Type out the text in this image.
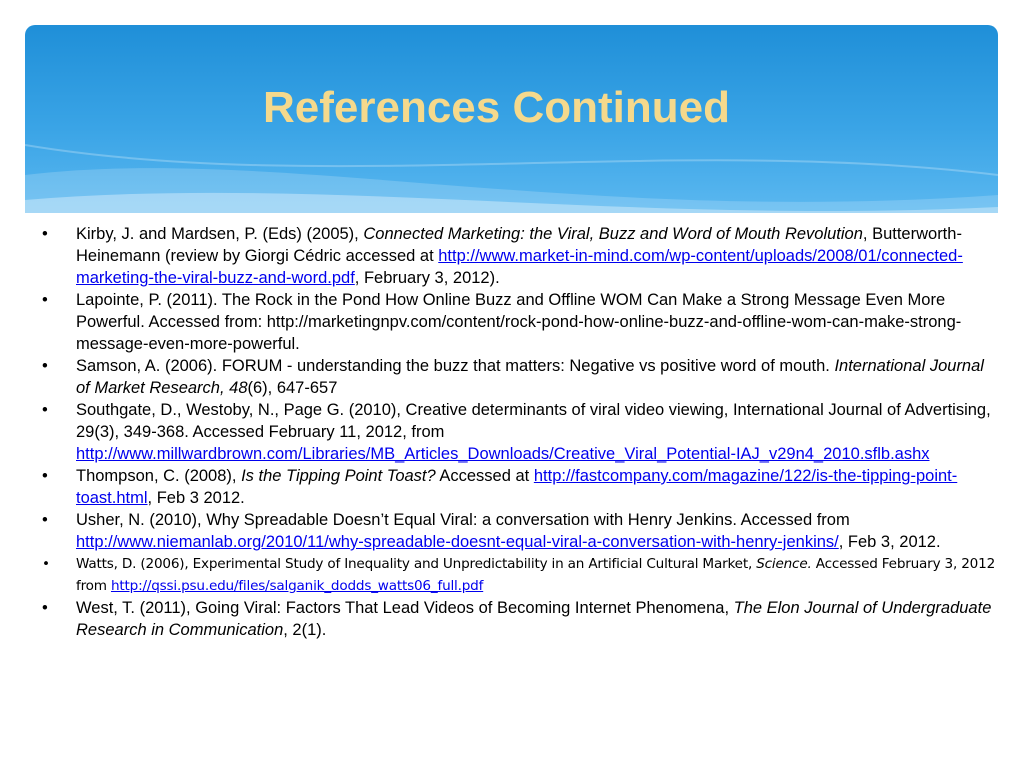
References Continued
• Kirby, J. and Mardsen, P. (Eds) (2005), Connected Marketing: the Viral, Buzz and Word of Mouth Revolution, Butterworth-Heinemann (review by Giorgi Cédric accessed at http://www.market-in-mind.com/wp-content/uploads/2008/01/connected-marketing-the-viral-buzz-and-word.pdf, February 3, 2012).
• Lapointe, P. (2011). The Rock in the Pond How Online Buzz and Offline WOM Can Make a Strong Message Even More Powerful. Accessed from: http://marketingnpv.com/content/rock-pond-how-online-buzz-and-offline-wom-can-make-strong-message-even-more-powerful.
• Samson, A. (2006). FORUM - understanding the buzz that matters: Negative vs positive word of mouth. International Journal of Market Research, 48(6), 647-657
• Southgate, D., Westoby, N., Page G. (2010), Creative determinants of viral video viewing, International Journal of Advertising, 29(3), 349-368. Accessed February 11, 2012, from http://www.millwardbrown.com/Libraries/MB_Articles_Downloads/Creative_Viral_Potential-IAJ_v29n4_2010.sflb.ashx
• Thompson, C. (2008), Is the Tipping Point Toast? Accessed at http://fastcompany.com/magazine/122/is-the-tipping-point-toast.html, Feb 3 2012.
• Usher, N. (2010), Why Spreadable Doesn’t Equal Viral: a conversation with Henry Jenkins. Accessed from http://www.niemanlab.org/2010/11/why-spreadable-doesnt-equal-viral-a-conversation-with-henry-jenkins/, Feb 3, 2012.
• Watts, D. (2006), Experimental Study of Inequality and Unpredictability in an Artificial Cultural Market, Science. Accessed February 3, 2012 from http://qssi.psu.edu/files/salganik_dodds_watts06_full.pdf
• West, T. (2011), Going Viral: Factors That Lead Videos of Becoming Internet Phenomena, The Elon Journal of Undergraduate Research in Communication, 2(1).
